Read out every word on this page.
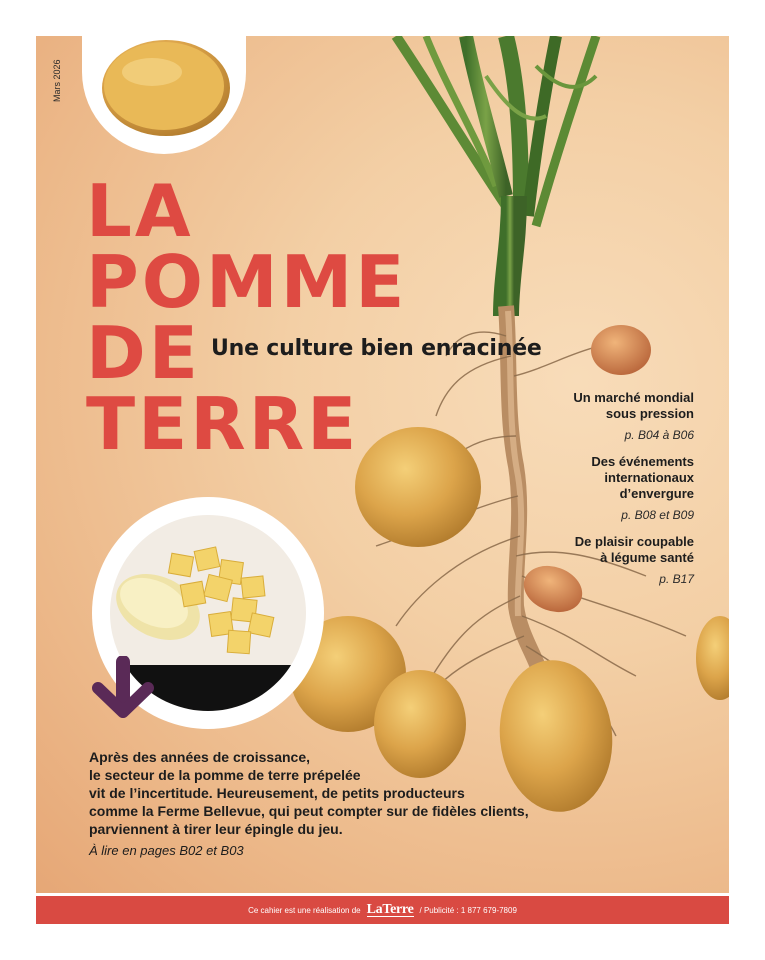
Mars 2026
LA
POMME
DE
TERRE
Une culture bien enracinée
Un marché mondial
sous pression
p. B04 à B06
Des événements
internationaux
d’envergure
p. B08 et B09
De plaisir coupable
à légume santé
p. B17

Après des années de croissance,

le secteur de la pomme de terre prépelée

vit de l’incertitude. Heureusement, de petits producteurs

comme la Ferme Bellevue, qui peut compter sur de fidèles clients,

parviennent à tirer leur épingle du jeu.

À lire en pages B02 et B03
Ce cahier est une réalisation de LaTerre / Publicité : 1 877 679-7809
